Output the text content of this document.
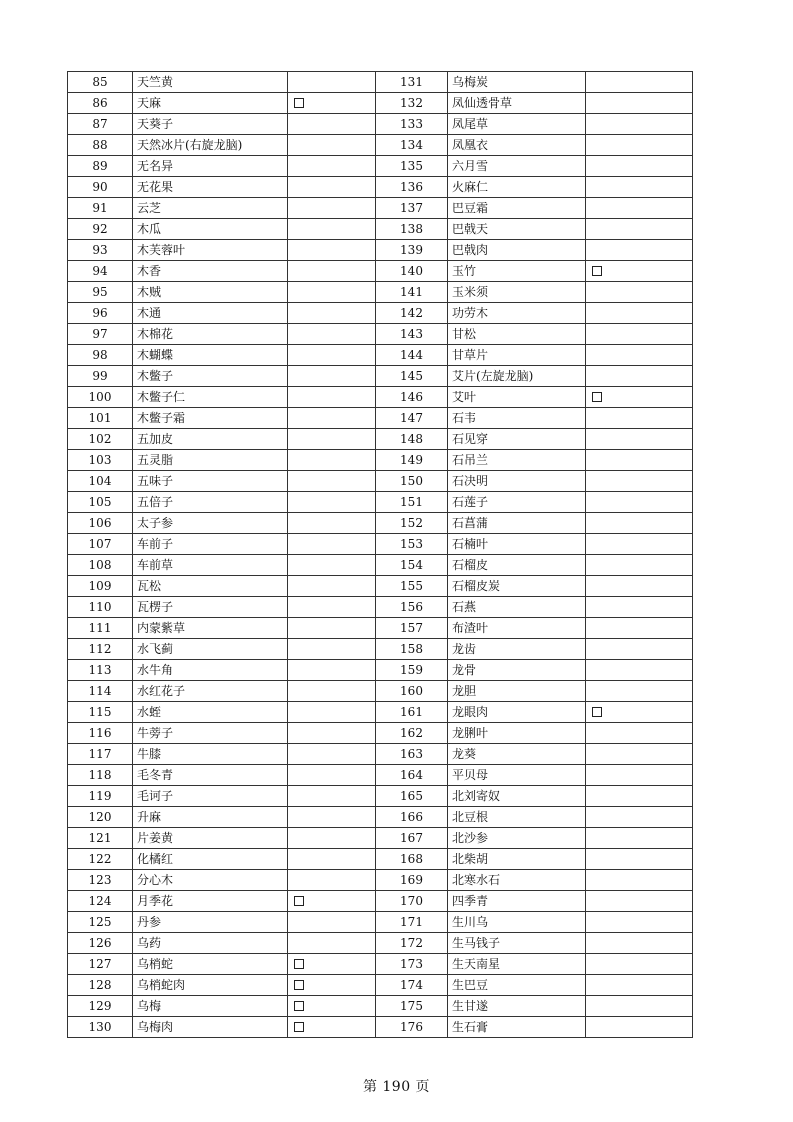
85	天竺黄		131	乌梅炭	
86	天麻		132	凤仙透骨草	
87	天葵子		133	凤尾草	
88	天然冰片(右旋龙脑)		134	凤凰衣	
89	无名异		135	六月雪	
90	无花果		136	火麻仁	
91	云芝		137	巴豆霜	
92	木瓜		138	巴戟天	
93	木芙蓉叶		139	巴戟肉	
94	木香		140	玉竹	
95	木贼		141	玉米须	
96	木通		142	功劳木	
97	木棉花		143	甘松	
98	木蝴蝶		144	甘草片	
99	木鳖子		145	艾片(左旋龙脑)	
100	木鳖子仁		146	艾叶	
101	木鳖子霜		147	石韦	
102	五加皮		148	石见穿	
103	五灵脂		149	石吊兰	
104	五味子		150	石决明	
105	五倍子		151	石莲子	
106	太子参		152	石菖蒲	
107	车前子		153	石楠叶	
108	车前草		154	石榴皮	
109	瓦松		155	石榴皮炭	
110	瓦楞子		156	石燕	
111	内蒙紫草		157	布渣叶	
112	水飞蓟		158	龙齿	
113	水牛角		159	龙骨	
114	水红花子		160	龙胆	
115	水蛭		161	龙眼肉	
116	牛蒡子		162	龙脷叶	
117	牛膝		163	龙葵	
118	毛冬青		164	平贝母	
119	毛诃子		165	北刘寄奴	
120	升麻		166	北豆根	
121	片姜黄		167	北沙参	
122	化橘红		168	北柴胡	
123	分心木		169	北寒水石	
124	月季花		170	四季青	
125	丹参		171	生川乌	
126	乌药		172	生马钱子	
127	乌梢蛇		173	生天南星	
128	乌梢蛇肉		174	生巴豆	
129	乌梅		175	生甘遂	
130	乌梅肉		176	生石膏	
第 190 页
